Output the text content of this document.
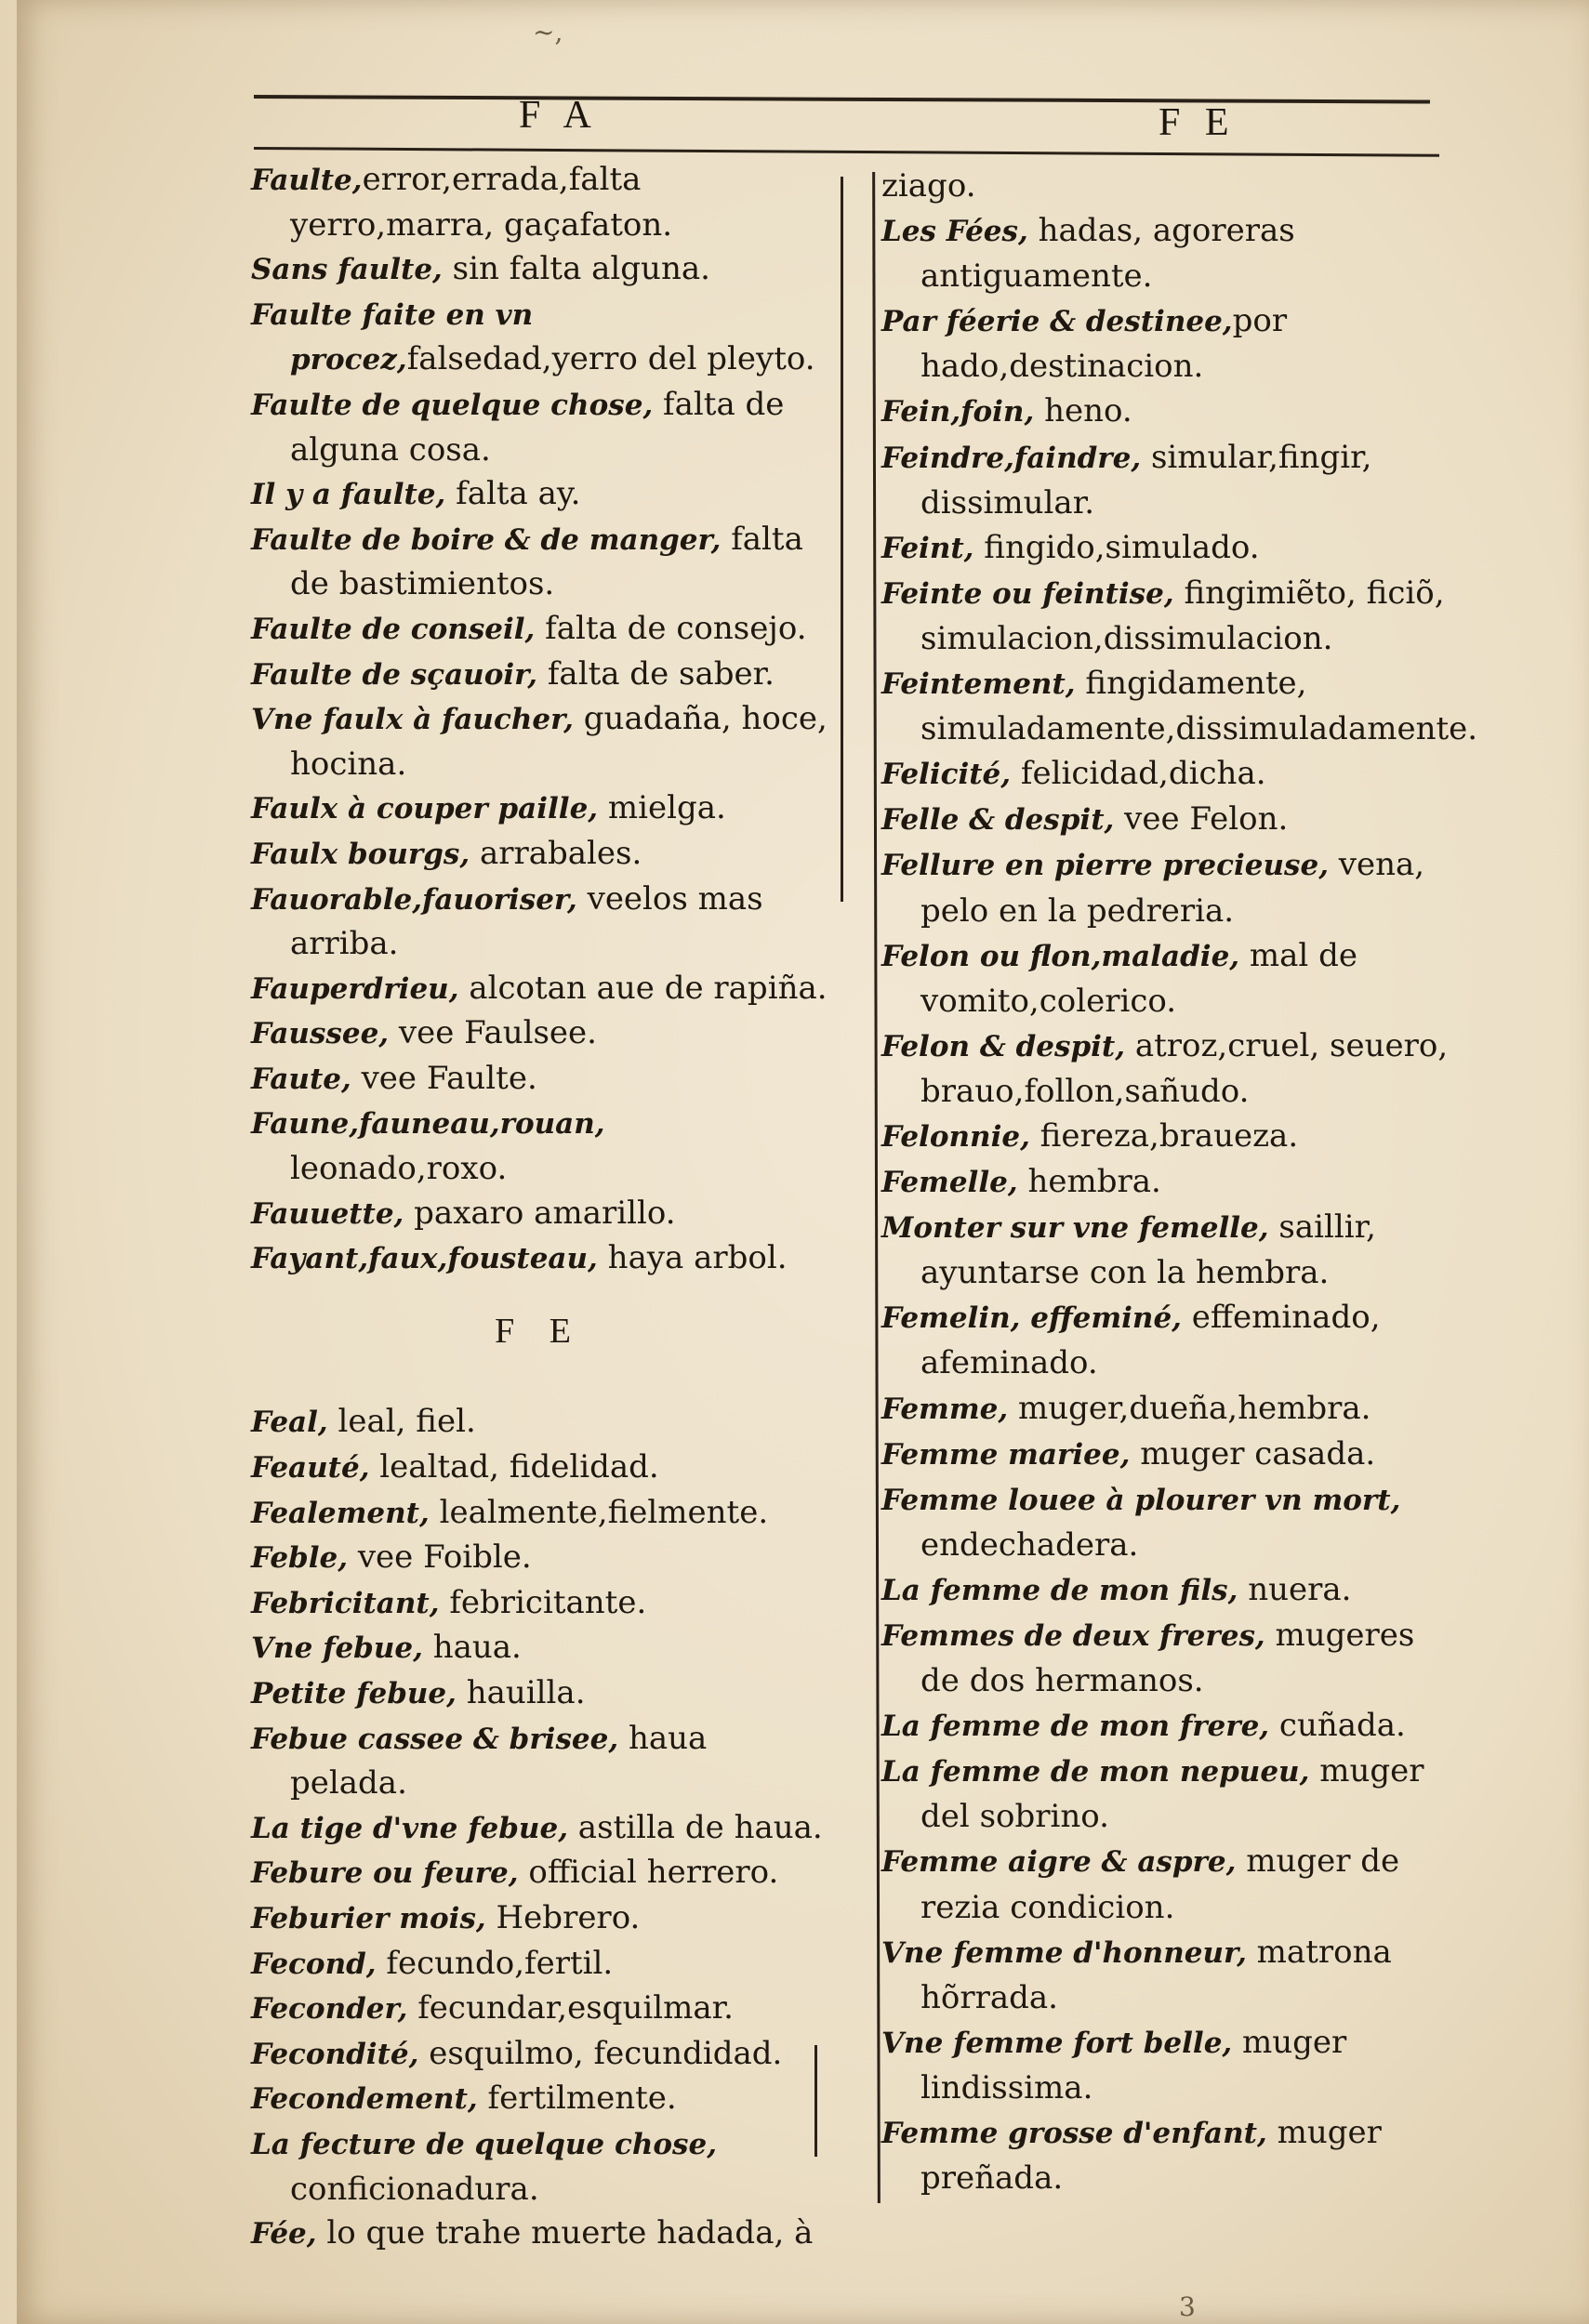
~,
F A	F E

Faulte,error,errada,falta yerro,marra, gaçafaton.

Sans faulte, sin falta alguna.

Faulte faite en vn procez,falsedad,yerro del pleyto.

Faulte de quelque chose, falta de alguna cosa.

Il y a faulte, falta ay.

Faulte de boire & de manger, falta de bastimientos.

Faulte de conseil, falta de consejo.

Faulte de sçauoir, falta de saber.

Vne faulx à faucher, guadaña, hoce, hocina.

Faulx à couper paille, mielga.

Faulx bourgs, arrabales.

Fauorable,fauoriser, veelos mas arriba.

Fauperdrieu, alcotan aue de rapiña.

Faussee, vee Faulsee.

Faute, vee Faulte.

Faune,fauneau,rouan, leonado,roxo.

Fauuette, paxaro amarillo.

Fayant,faux,fousteau, haya arbol.

F E

Feal, leal, fiel.

Feauté, lealtad, fidelidad.

Fealement, lealmente,fielmente.

Feble, vee Foible.

Febricitant, febricitante.

Vne febue, haua.

Petite febue, hauilla.

Febue cassee & brisee, haua pelada.

La tige d'vne febue, astilla de haua.

Febure ou feure, official herrero.

Feburier mois, Hebrero.

Fecond, fecundo,fertil.

Feconder, fecundar,esquilmar.

Fecondité, esquilmo, fecundidad.

Fecondement, fertilmente.

La fecture de quelque chose, conficionadura.

Fée, lo que trahe muerte hadada, à

ziago.

Les Fées, hadas, agoreras antiguamente.

Par féerie & destinee,por hado,destinacion.

Fein,foin, heno.

Feindre,faindre, simular,fingir, dissimular.

Feint, fingido,simulado.

Feinte ou feintise, fingimiẽto, ficiõ, simulacion,dissimulacion.

Feintement, fingidamente, simuladamente,dissimuladamente.

Felicité, felicidad,dicha.

Felle & despit, vee Felon.

Fellure en pierre precieuse, vena, pelo en la pedreria.

Felon ou flon,maladie, mal de vomito,colerico.

Felon & despit, atroz,cruel, seuero, brauo,follon,sañudo.

Felonnie, fiereza,braueza.

Femelle, hembra.

Monter sur vne femelle, saillir, ayuntarse con la hembra.

Femelin, effeminé, effeminado, afeminado.

Femme, muger,dueña,hembra.

Femme mariee, muger casada.

Femme louee à plourer vn mort, endechadera.

La femme de mon fils, nuera.

Femmes de deux freres, mugeres de dos hermanos.

La femme de mon frere, cuñada.

La femme de mon nepueu, muger del sobrino.

Femme aigre & aspre, muger de rezia condicion.

Vne femme d'honneur, matrona hõrrada.

Vne femme fort belle, muger lindissima.

Femme grosse d'enfant, muger preñada.

3
